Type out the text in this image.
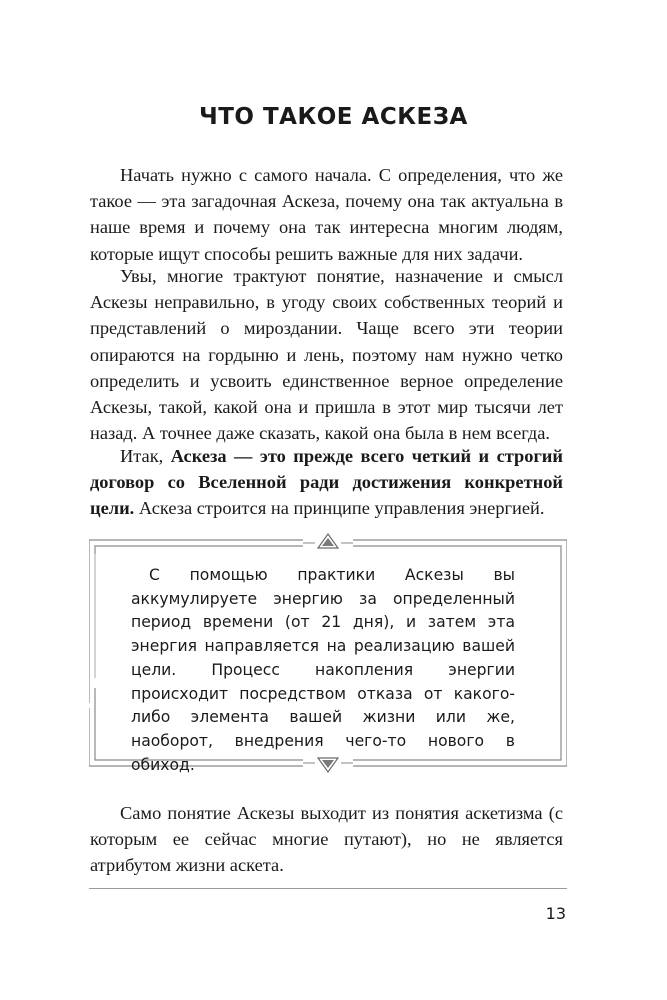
ЧТО ТАКОЕ АСКЕЗА

Начать нужно с самого начала. С определения, что же такое — эта загадочная Аскеза, почему она так актуальна в наше время и почему она так интересна многим людям, которые ищут способы решить важные для них задачи.

Увы, многие трактуют понятие, назначение и смысл Аскезы неправильно, в угоду своих собственных теорий и представлений о мироздании. Чаще всего эти теории опираются на гордыню и лень, поэтому нам нужно четко определить и усвоить единственное верное определение Аскезы, такой, какой она и пришла в этот мир тысячи лет назад. А точнее даже сказать, какой она была в нем всегда.

Итак, Аскеза — это прежде всего четкий и строгий договор со Вселенной ради достижения конкретной цели. Аскеза строится на принципе управления энергией.

С помощью практики Аскезы вы аккумулируете энергию за определенный период времени (от 21 дня), и затем эта энергия направляется на реализацию вашей цели. Процесс накопления энергии происходит посредством отказа от какого-либо элемента вашей жизни или же, наоборот, внедрения чего-то нового в обиход.

Само понятие Аскезы выходит из понятия аскетизма (с которым ее сейчас многие путают), но не является атрибутом жизни аскета.

13
